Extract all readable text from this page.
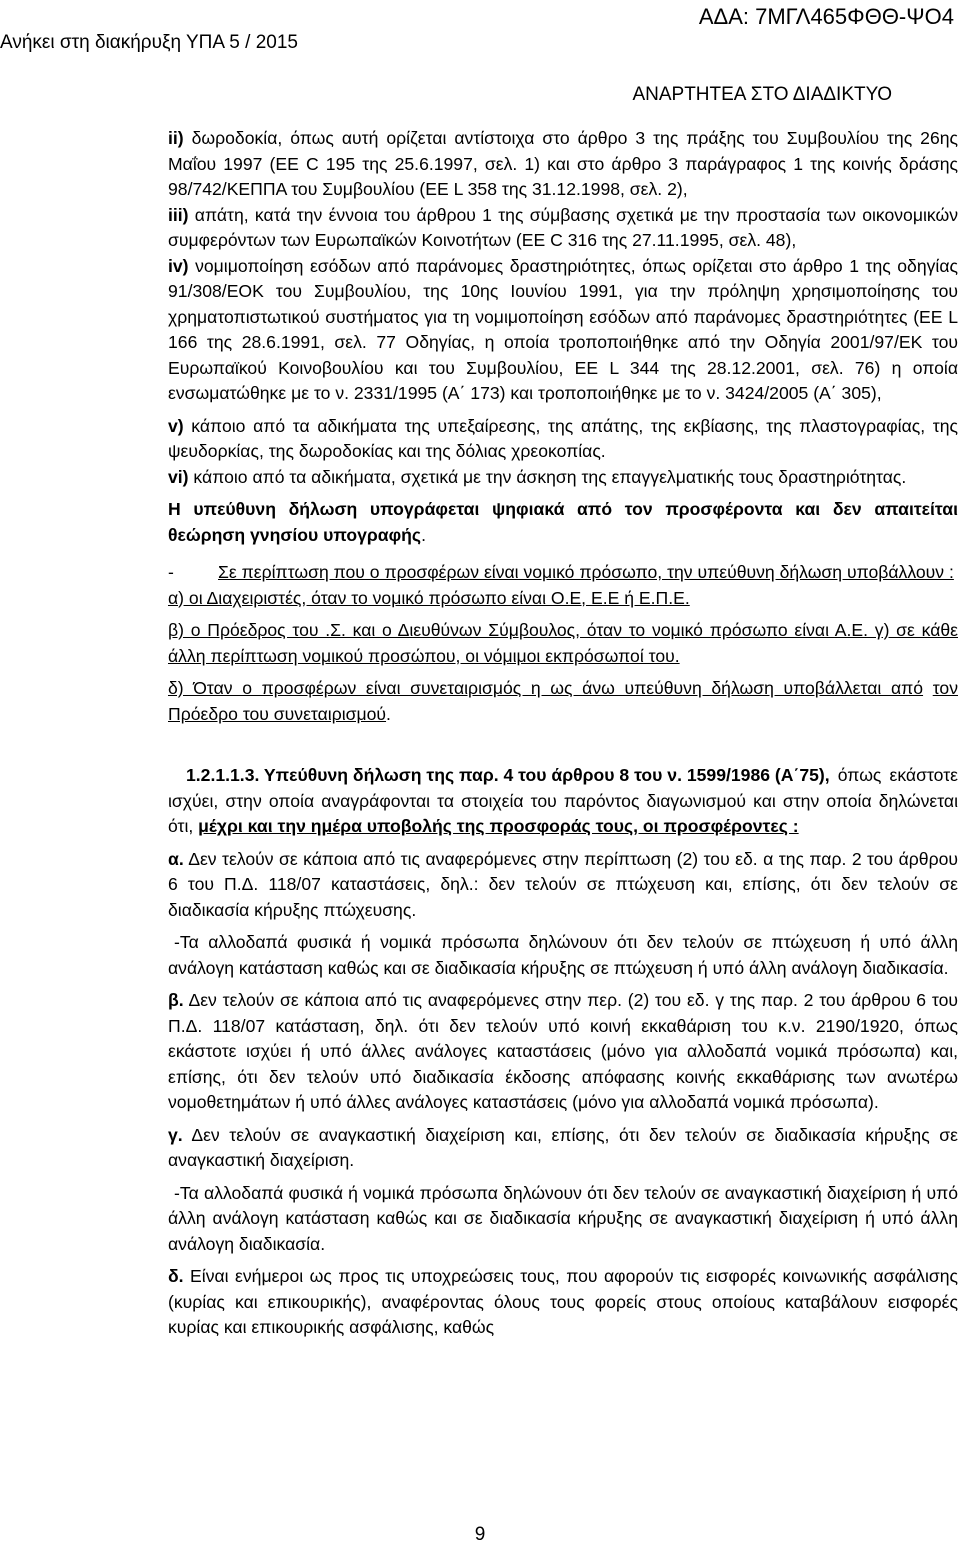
Ανήκει στη διακήρυξη ΥΠΑ 5 / 2015
ΑΔΑ: 7ΜΓΛ465ΦΘΘ-ΨΟ4
ΑΝΑΡΤΗΤΕΑ ΣΤΟ ΔΙΑΔΙΚΤΥΟ

ii) δωροδοκία, όπως αυτή ορίζεται αντίστοιχα στο άρθρο 3 της πράξης του Συμβουλίου της 26ης Μαΐου 1997 (ΕΕ C 195 της 25.6.1997, σελ. 1) και στο άρθρο 3 παράγραφος 1 της κοινής δράσης 98/742/ΚΕΠΠΑ του Συμβουλίου (ΕΕ L 358 της 31.12.1998, σελ. 2),

iii) απάτη, κατά την έννοια του άρθρου 1 της σύμβασης σχετικά με την προστασία των οικονομικών συμφερόντων των Ευρωπαϊκών Κοινοτήτων (ΕΕ C 316 της 27.11.1995, σελ. 48),

iv) νομιμοποίηση εσόδων από παράνομες δραστηριότητες, όπως ορίζεται στο άρθρο 1 της οδηγίας 91/308/ΕΟΚ του Συμβουλίου, της 10ης Ιουνίου 1991, για την πρόληψη χρησιμοποίησης του χρηματοπιστωτικού συστήματος για τη νομιμοποίηση εσόδων από παράνομες δραστηριότητες (ΕΕ L 166 της 28.6.1991, σελ. 77 Οδηγίας, η οποία τροποποιήθηκε από την Οδηγία 2001/97/ΕΚ του Ευρωπαϊκού Κοινοβουλίου και του Συμβουλίου, ΕΕ L 344 της 28.12.2001, σελ. 76) η οποία ενσωματώθηκε με το ν. 2331/1995 (Α΄ 173) και τροποποιήθηκε με το ν. 3424/2005 (Α΄ 305),

v) κάποιο από τα αδικήματα της υπεξαίρεσης, της απάτης, της εκβίασης, της πλαστογραφίας, της ψευδορκίας, της δωροδοκίας και της δόλιας χρεοκοπίας.

vi) κάποιο από τα αδικήματα, σχετικά με την άσκηση της επαγγελματικής τους δραστηριότητας.

Η υπεύθυνη δήλωση υπογράφεται ψηφιακά από τον προσφέροντα και δεν απαιτείται θεώρηση γνησίου υπογραφής.

-	Σε περίπτωση που ο προσφέρων είναι νομικό πρόσωπο, την υπεύθυνη δήλωση υποβάλλουν :

α) οι Διαχειριστές, όταν το νομικό πρόσωπο είναι Ο.Ε, Ε.Ε ή Ε.Π.Ε.

β) ο Πρόεδρος του .Σ. και ο Διευθύνων Σύμβουλος, όταν το νομικό πρόσωπο είναι Α.Ε. γ) σε κάθε άλλη περίπτωση νομικού προσώπου, οι νόμιμοι εκπρόσωποί του.

δ) Όταν ο προσφέρων είναι συνεταιρισμός η ως άνω υπεύθυνη δήλωση υποβάλλεται από τον Πρόεδρο του συνεταιρισμού.

1.2.1.1.3. Υπεύθυνη δήλωση της παρ. 4 του άρθρου 8 του ν. 1599/1986 (Α΄75), όπως εκάστοτε ισχύει, στην οποία αναγράφονται τα στοιχεία του παρόντος διαγωνισμού και στην οποία δηλώνεται ότι, μέχρι και την ημέρα υποβολής της προσφοράς τους, οι προσφέροντες :

α. Δεν τελούν σε κάποια από τις αναφερόμενες στην περίπτωση (2) του εδ. α της παρ. 2 του άρθρου 6 του Π.Δ. 118/07 καταστάσεις, δηλ.: δεν τελούν σε πτώχευση και, επίσης, ότι δεν τελούν σε διαδικασία κήρυξης πτώχευσης.

-Τα αλλοδαπά φυσικά ή νομικά πρόσωπα δηλώνουν ότι δεν τελούν σε πτώχευση ή υπό άλλη ανάλογη κατάσταση καθώς και σε διαδικασία κήρυξης σε πτώχευση ή υπό άλλη ανάλογη διαδικασία.

β. Δεν τελούν σε κάποια από τις αναφερόμενες στην περ. (2) του εδ. γ της παρ. 2 του άρθρου 6 του Π.Δ. 118/07 κατάσταση, δηλ. ότι δεν τελούν υπό κοινή εκκαθάριση του κ.ν. 2190/1920, όπως εκάστοτε ισχύει ή υπό άλλες ανάλογες καταστάσεις (μόνο για αλλοδαπά νομικά πρόσωπα) και, επίσης, ότι δεν τελούν υπό διαδικασία έκδοσης απόφασης κοινής εκκαθάρισης των ανωτέρω νομοθετημάτων ή υπό άλλες ανάλογες καταστάσεις (μόνο για αλλοδαπά νομικά πρόσωπα).

γ. Δεν τελούν σε αναγκαστική διαχείριση και, επίσης, ότι δεν τελούν σε διαδικασία κήρυξης σε αναγκαστική διαχείριση.

-Τα αλλοδαπά φυσικά ή νομικά πρόσωπα δηλώνουν ότι δεν τελούν σε αναγκαστική διαχείριση ή υπό άλλη ανάλογη κατάσταση καθώς και σε διαδικασία κήρυξης σε αναγκαστική διαχείριση ή υπό άλλη ανάλογη διαδικασία.

δ. Είναι ενήμεροι ως προς τις υποχρεώσεις τους, που αφορούν τις εισφορές κοινωνικής ασφάλισης (κυρίας και επικουρικής), αναφέροντας όλους τους φορείς στους οποίους καταβάλουν εισφορές κυρίας και επικουρικής ασφάλισης, καθώς

9
